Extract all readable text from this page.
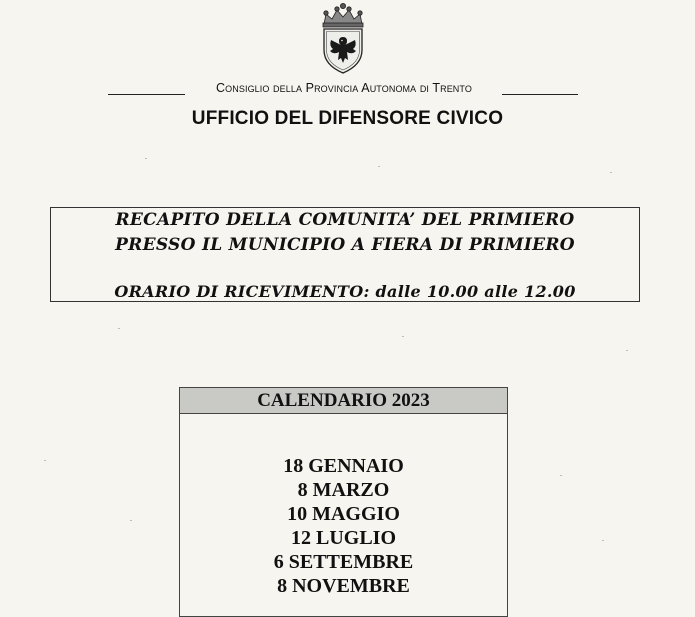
Consiglio della Provincia Autonoma di Trento
UFFICIO DEL DIFENSORE CIVICO
RECAPITO DELLA COMUNITA’ DEL PRIMIERO
PRESSO IL MUNICIPIO A FIERA DI PRIMIERO
ORARIO DI RICEVIMENTO: dalle 10.00 alle 12.00
CALENDARIO 2023
18 GENNAIO
8 MARZO
10 MAGGIO
12 LUGLIO
6 SETTEMBRE
8 NOVEMBRE
